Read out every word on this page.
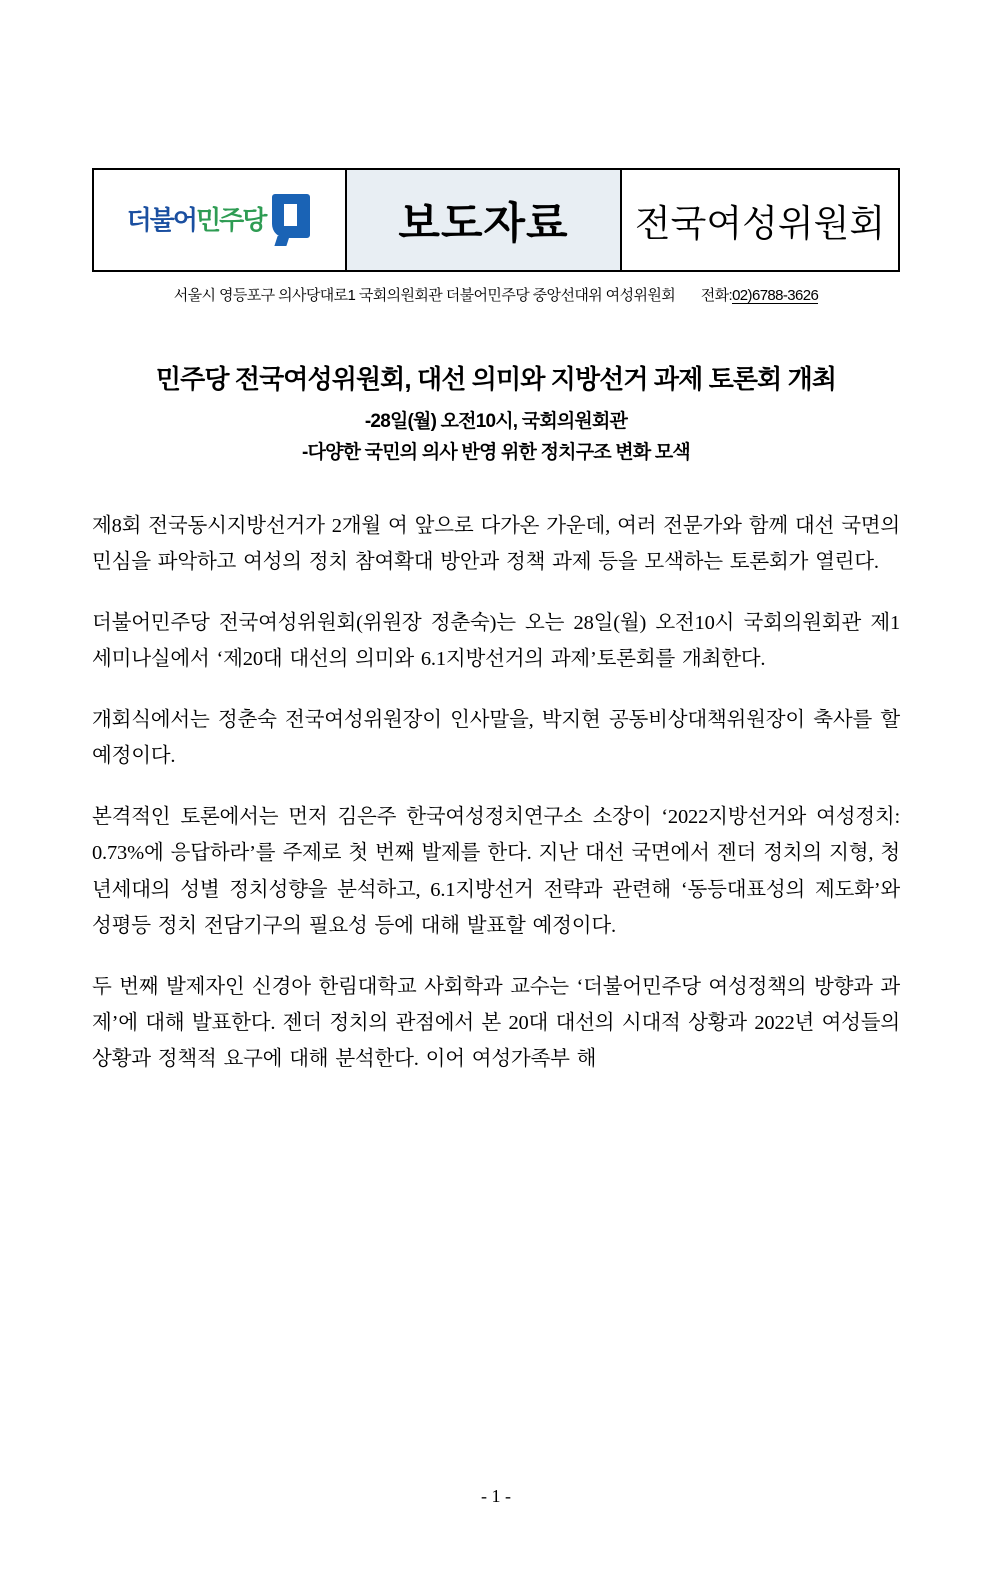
더불어민주당	보도자료 전국여성위원회
서울시 영등포구 의사당대로1 국회의원회관 더불어민주당 중앙선대위 여성위원회 전화:02)6788-3626
민주당 전국여성위원회, 대선 의미와 지방선거 과제 토론회 개최
-28일(월) 오전10시, 국회의원회관
-다양한 국민의 의사 반영 위한 정치구조 변화 모색

제8회 전국동시지방선거가 2개월 여 앞으로 다가온 가운데, 여러 전문가와 함께 대선 국면의 민심을 파악하고 여성의 정치 참여확대 방안과 정책 과제 등을 모색하는 토론회가 열린다.

더불어민주당 전국여성위원회(위원장 정춘숙)는 오는 28일(월) 오전10시 국회의원회관 제1세미나실에서 ‘제20대 대선의 의미와 6.1지방선거의 과제’토론회를 개최한다.

개회식에서는 정춘숙 전국여성위원장이 인사말을, 박지현 공동비상대책위원장이 축사를 할 예정이다.

본격적인 토론에서는 먼저 김은주 한국여성정치연구소 소장이 ‘2022지방선거와 여성정치: 0.73%에 응답하라’를 주제로 첫 번째 발제를 한다. 지난 대선 국면에서 젠더 정치의 지형, 청년세대의 성별 정치성향을 분석하고, 6.1지방선거 전략과 관련해 ‘동등대표성의 제도화’와 성평등 정치 전담기구의 필요성 등에 대해 발표할 예정이다.

두 번째 발제자인 신경아 한림대학교 사회학과 교수는 ‘더불어민주당 여성정책의 방향과 과제’에 대해 발표한다. 젠더 정치의 관점에서 본 20대 대선의 시대적 상황과 2022년 여성들의 상황과 정책적 요구에 대해 분석한다. 이어 여성가족부 해

- 1 -
